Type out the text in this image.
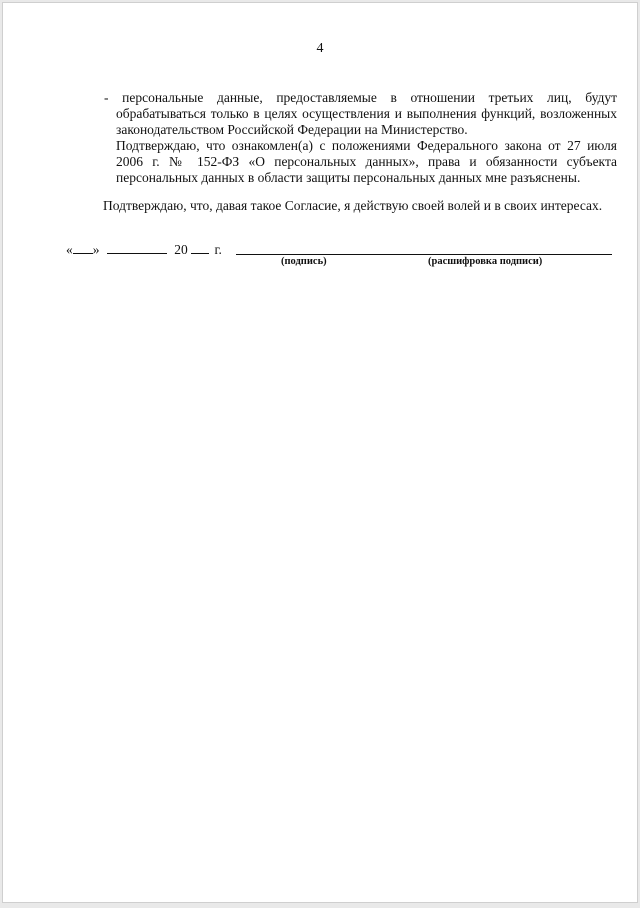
4

- персональные данные, предоставляемые в отношении третьих лиц, будут обрабатываться только в целях осуществления и выполнения функций, возложенных законодательством Российской Федерации на Министерство.

Подтверждаю, что ознакомлен(а) с положениями Федерального закона от 27 июля 2006 г. № 152-ФЗ «О персональных данных», права и обязанности субъекта персональных данных в области защиты персональных данных мне разъяснены.

Подтверждаю, что, давая такое Согласие, я действую своей волей и в своих интересах.
« »	20 г.
(подпись)	(расшифровка подписи)
